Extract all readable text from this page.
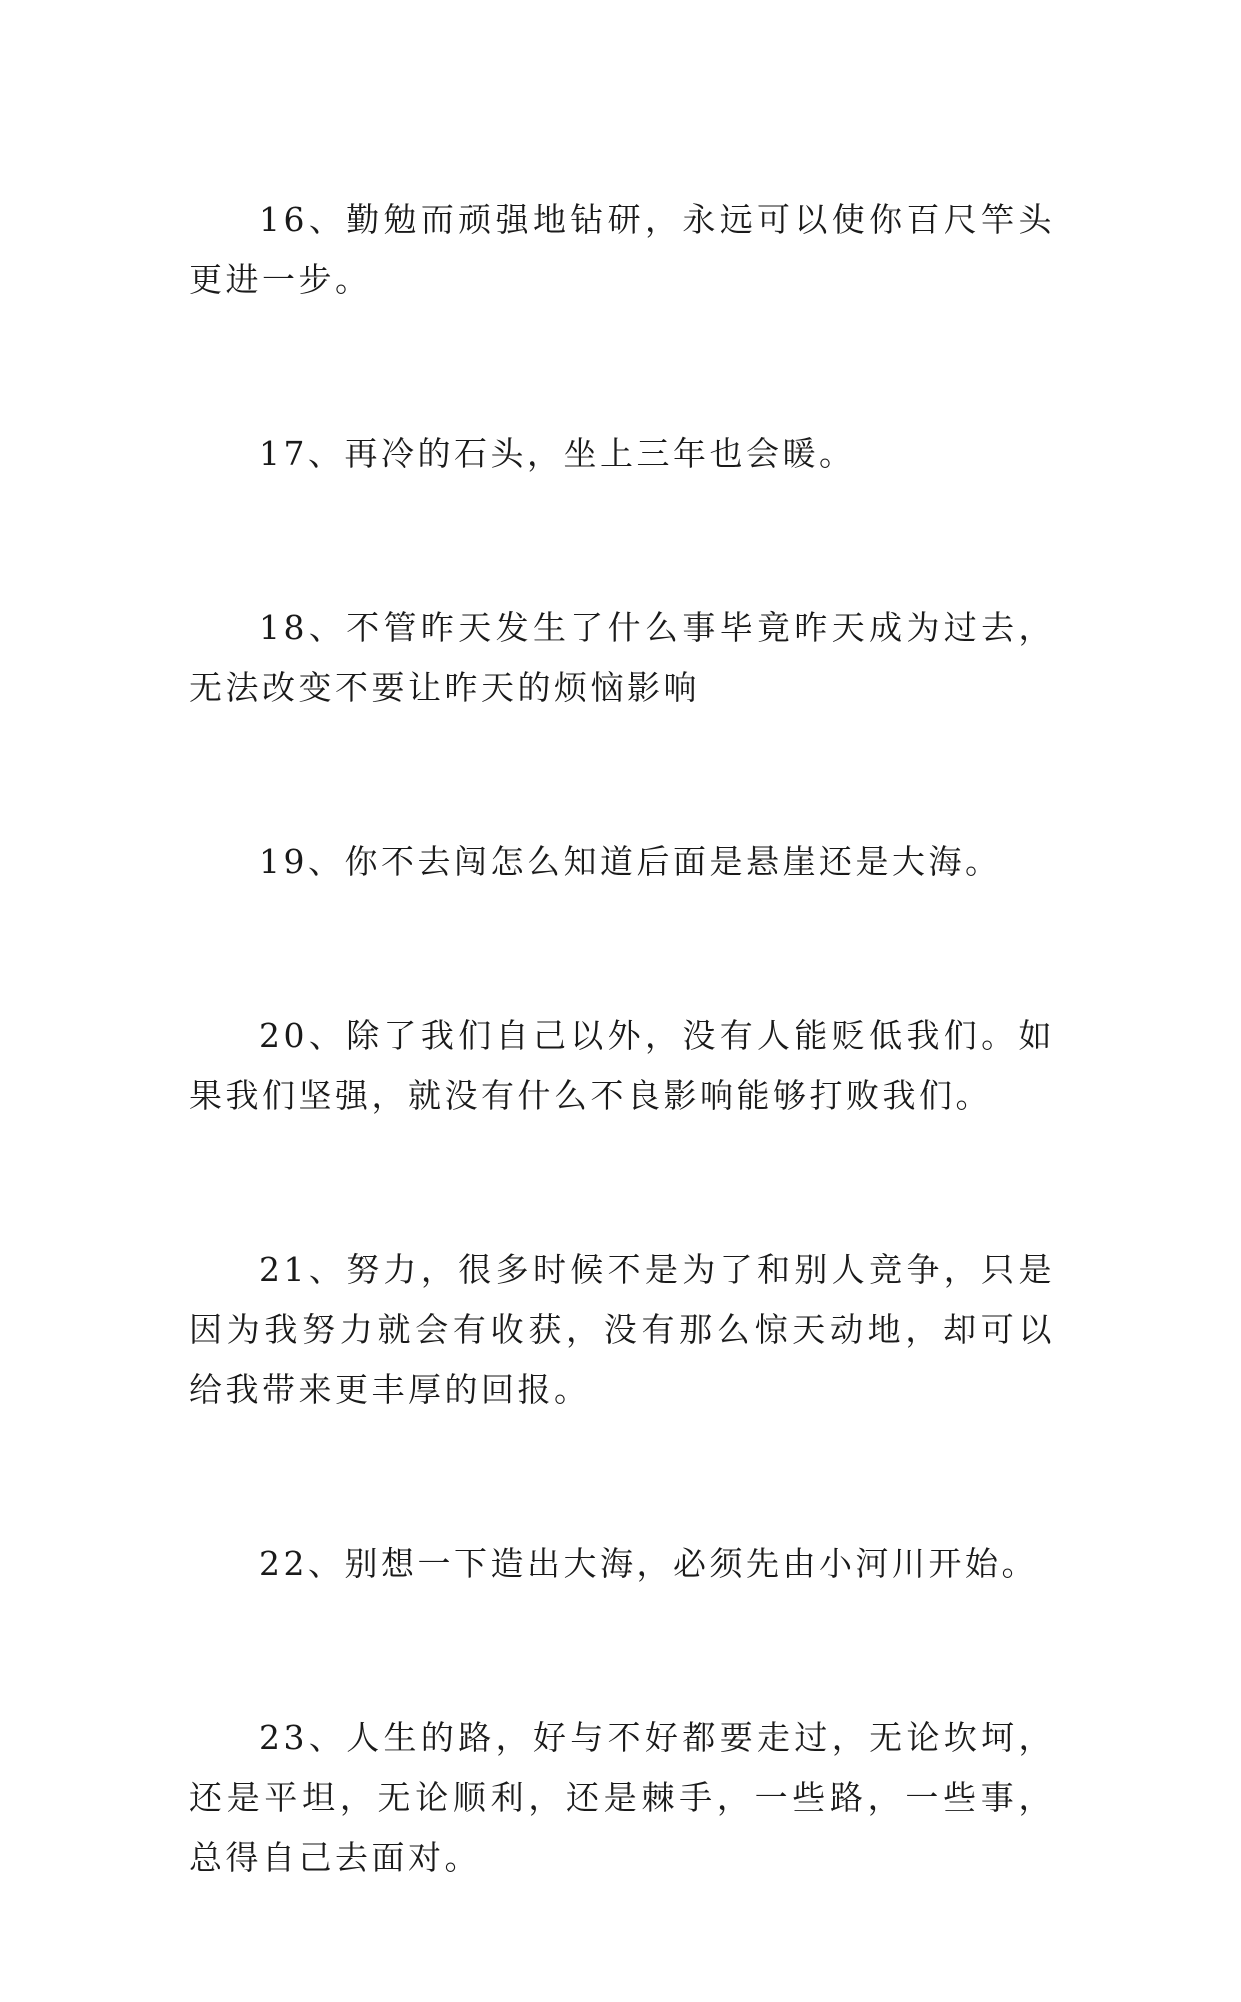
16、勤勉而顽强地钻研，永远可以使你百尺竿头更进一步。

17、再冷的石头，坐上三年也会暖。

18、不管昨天发生了什么事毕竟昨天成为过去，无法改变不要让昨天的烦恼影响

19、你不去闯怎么知道后面是悬崖还是大海。

20、除了我们自己以外，没有人能贬低我们。如果我们坚强，就没有什么不良影响能够打败我们。

21、努力，很多时候不是为了和别人竞争，只是因为我努力就会有收获，没有那么惊天动地，却可以给我带来更丰厚的回报。

22、别想一下造出大海，必须先由小河川开始。

23、人生的路，好与不好都要走过，无论坎坷，还是平坦，无论顺利，还是棘手，一些路，一些事，总得自己去面对。
